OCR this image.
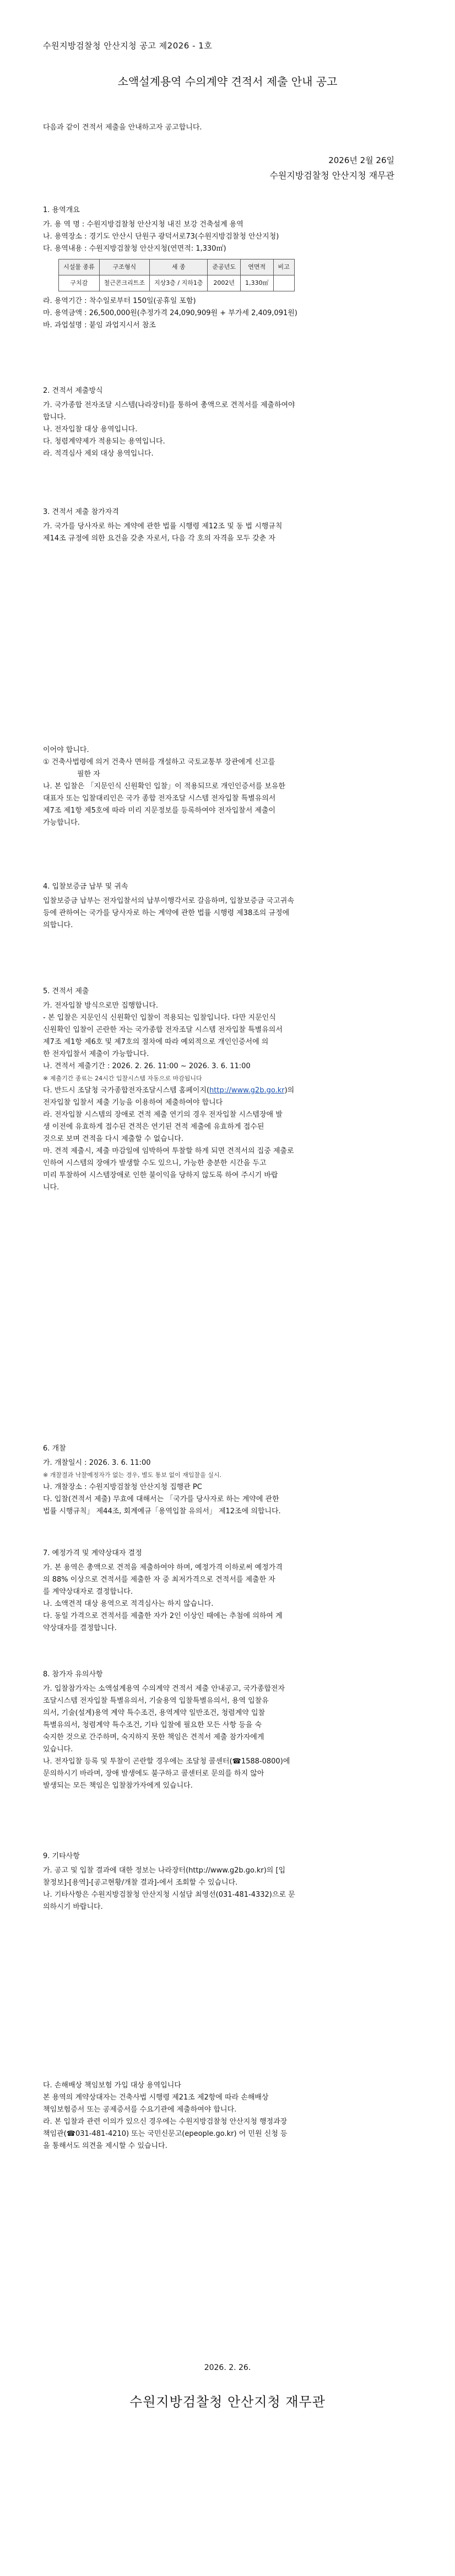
수원지방검찰청 안산지청 공고 제2026 - 1호
소액설계용역 수의계약 견적서 제출 안내 공고
다음과 같이 견적서 제출을 안내하고자 공고합니다.
2026년 2월 26일
수원지방검찰청 안산지청 재무관
1. 용역개요
가. 용 역 명 : 수원지방검찰청 안산지청 내진 보강 건축설계 용역
나. 용역장소 : 경기도 안산시 단원구 광덕서로73(수원지방검찰청 안산지청)
다. 용역내용 : 수원지방검찰청 안산지청(연면적: 1,330㎡)
시설물 종류	구조형식	세 종	준공년도	연면적	비고
구치감	철근콘크리트조	지상3층 / 지하1층	2002년	1,330㎡	
라. 용역기간 : 착수일로부터 150일(공휴일 포함)
마. 용역금액 : 26,500,000원(추정가격 24,090,909원 + 부가세 2,409,091원)
바. 과업설명 : 붙임 과업지시서 참조
2. 견적서 제출방식
가. 국가종합 전자조달 시스템(나라장터)를 통하여 총액으로 견적서를 제출하여야
합니다.
나. 전자입찰 대상 용역입니다.
다. 청렴계약제가 적용되는 용역입니다.
라. 적격심사 제외 대상 용역입니다.
3. 견적서 제출 참가자격
가. 국가를 당사자로 하는 계약에 관한 법률 시행령 제12조 및 동 법 시행규칙
제14조 규정에 의한 요건을 갖춘 자로서, 다음 각 호의 자격을 모두 갖춘 자
이어야 합니다.
① 건축사법령에 의거 건축사 면허를 개설하고 국토교통부 장관에게 신고를
필한 자
나. 본 입찰은 「지문인식 신원확인 입찰」이 적용되므로 개인인증서를 보유한
대표자 또는 입찰대리인은 국가 종합 전자조달 시스템 전자입찰 특별유의서
제7조 제1항 제5호에 따라 미리 지문정보를 등록하여야 전자입찰서 제출이
가능합니다.
4. 입찰보증금 납부 및 귀속
입찰보증금 납부는 전자입찰서의 납부이행각서로 갈음하며, 입찰보증금 국고귀속
등에 관하여는 국가를 당사자로 하는 계약에 관한 법률 시행령 제38조의 규정에
의합니다.
5. 견적서 제출
가. 전자입찰 방식으로만 집행합니다.
- 본 입찰은 지문인식 신원확인 입찰이 적용되는 입찰입니다. 다만 지문인식
신원확인 입찰이 곤란한 자는 국가종합 전자조달 시스템 전자입찰 특별유의서
제7조 제1항 제6호 및 제7호의 절차에 따라 예외적으로 개인인증서에 의
한 전자입찰서 제출이 가능합니다.
나. 견적서 제출기간 : 2026. 2. 26. 11:00 ~ 2026. 3. 6. 11:00
※ 제출기간 종료는 24시간 입찰시스템 자동으로 마감됩니다
다. 반드시 조달청 국가종합전자조달시스템 홈페이지(http://www.g2b.go.kr)의
전자입찰 입찰서 제출 기능을 이용하여 제출하여야 합니다
라. 전자입찰 시스템의 장애로 견적 제출 연기의 경우 전자입찰 시스템장애 발
생 이전에 유효하게 접수된 견적은 연기된 견적 제출에 유효하게 접수된
것으로 보며 견적을 다시 제출할 수 없습니다.
마. 견적 제출시, 제출 마감일에 임박하여 투찰할 하게 되면 견적서의 집중 제출로
인하여 시스템의 장애가 발생할 수도 있으니, 가능한 충분한 시간을 두고
미리 투찰하여 시스템장애로 인한 불이익을 당하지 않도록 하여 주시기 바랍
니다.
6. 개찰
가. 개찰일시 : 2026. 3. 6. 11:00
※ 개찰결과 낙찰예정자가 없는 경우, 별도 통보 없이 재입찰을 실시.
나. 개찰장소 : 수원지방검찰청 안산지청 집행관 PC
다. 입찰(견적서 제출) 무효에 대해서는 「국가를 당사자로 하는 계약에 관한
법률 시행규칙」 제44조, 회계예규「용역입찰 유의서」 제12조에 의합니다.
7. 예정가격 및 계약상대자 결정
가. 본 용역은 총액으로 견적을 제출하여야 하며, 예정가격 이하로써 예정가격
의 88% 이상으로 견적서를 제출한 자 중 최저가격으로 견적서를 제출한 자
를 계약상대자로 결정합니다.
나. 소액견적 대상 용역으로 적격심사는 하지 않습니다.
다. 동일 가격으로 견적서를 제출한 자가 2인 이상인 때에는 추첨에 의하여 계
약상대자를 결정합니다.
8. 참가자 유의사항
가. 입찰참가자는 소액설계용역 수의계약 견적서 제출 안내공고, 국가종합전자
조달시스템 전자입찰 특별유의서, 기술용역 입찰특별유의서, 용역 입찰유
의서, 기술(설계)용역 계약 특수조건, 용역계약 일반조건, 청렴계약 입찰
특별유의서, 청렴계약 특수조건, 기타 입찰에 필요한 모든 사항 등을 숙
숙지한 것으로 간주하며, 숙지하지 못한 책임은 견적서 제출 참가자에게
있습니다.
나. 전자입찰 등록 및 투찰이 곤란할 경우에는 조달청 콜센터(☎1588-0800)에
문의하시기 바라며, 장애 발생에도 불구하고 콜센터로 문의를 하지 않아
발생되는 모든 책임은 입찰참가자에게 있습니다.
9. 기타사항
가. 공고 및 입찰 결과에 대한 정보는 나라장터(http://www.g2b.go.kr)의 [입
찰정보]-[용역]-[공고현황/개찰 결과]-에서 조회할 수 있습니다.
나. 기타사항은 수원지방검찰청 안산지청 시설담 최영선(031-481-4332)으로 문
의하시기 바랍니다.
다. 손해배상 책임보험 가입 대상 용역입니다
본 용역의 계약상대자는 건축사법 시행령 제21조 제2항에 따라 손해배상
책임보험증서 또는 공제증서를 수요기관에 제출하여야 합니다.
라. 본 입찰과 관련 이의가 있으신 경우에는 수원지방검찰청 안산지청 행정과장
책임관(☎031-481-4210) 또는 국민신문고(epeople.go.kr) 어 민원 신청 등
을 통해서도 의견을 제시할 수 있습니다.
2026. 2. 26.
수원지방검찰청 안산지청 재무관
